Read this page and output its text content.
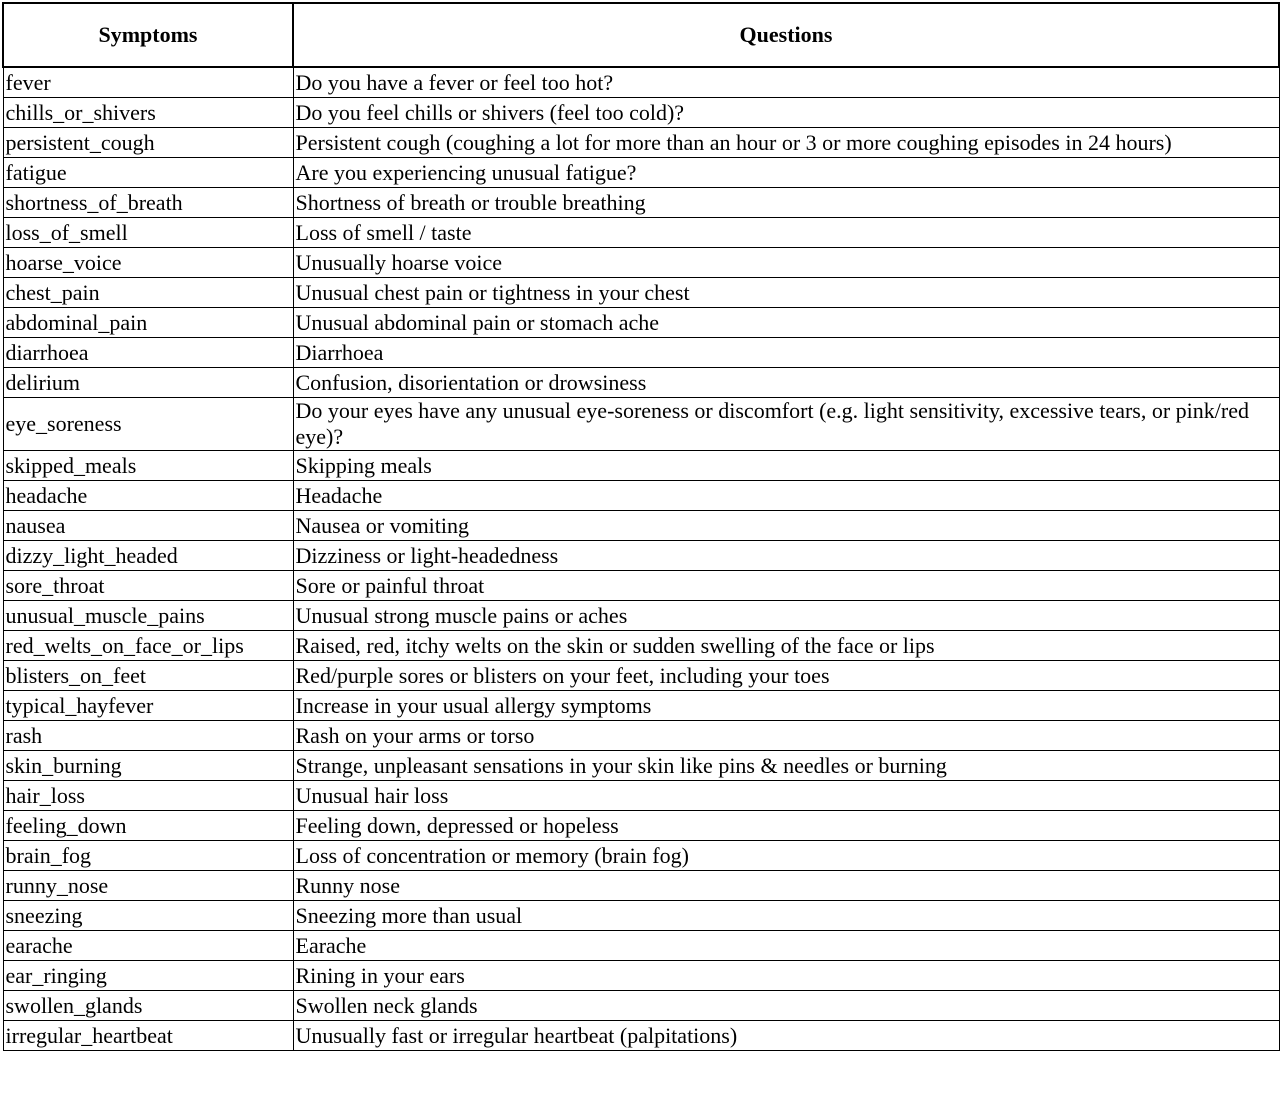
Symptoms	Questions
fever	Do you have a fever or feel too hot?
chills_or_shivers	Do you feel chills or shivers (feel too cold)?
persistent_cough	Persistent cough (coughing a lot for more than an hour or 3 or more coughing episodes in 24 hours)
fatigue	Are you experiencing unusual fatigue?
shortness_of_breath	Shortness of breath or trouble breathing
loss_of_smell	Loss of smell / taste
hoarse_voice	Unusually hoarse voice
chest_pain	Unusual chest pain or tightness in your chest
abdominal_pain	Unusual abdominal pain or stomach ache
diarrhoea	Diarrhoea
delirium	Confusion, disorientation or drowsiness
eye_soreness	Do your eyes have any unusual eye-soreness or discomfort (e.g. light sensitivity, excessive tears, or pink/red eye)?
skipped_meals	Skipping meals
headache	Headache
nausea	Nausea or vomiting
dizzy_light_headed	Dizziness or light-headedness
sore_throat	Sore or painful throat
unusual_muscle_pains	Unusual strong muscle pains or aches
red_welts_on_face_or_lips	Raised, red, itchy welts on the skin or sudden swelling of the face or lips
blisters_on_feet	Red/purple sores or blisters on your feet, including your toes
typical_hayfever	Increase in your usual allergy symptoms
rash	Rash on your arms or torso
skin_burning	Strange, unpleasant sensations in your skin like pins & needles or burning
hair_loss	Unusual hair loss
feeling_down	Feeling down, depressed or hopeless
brain_fog	Loss of concentration or memory (brain fog)
runny_nose	Runny nose
sneezing	Sneezing more than usual
earache	Earache
ear_ringing	Rining in your ears
swollen_glands	Swollen neck glands
irregular_heartbeat	Unusually fast or irregular heartbeat (palpitations)
